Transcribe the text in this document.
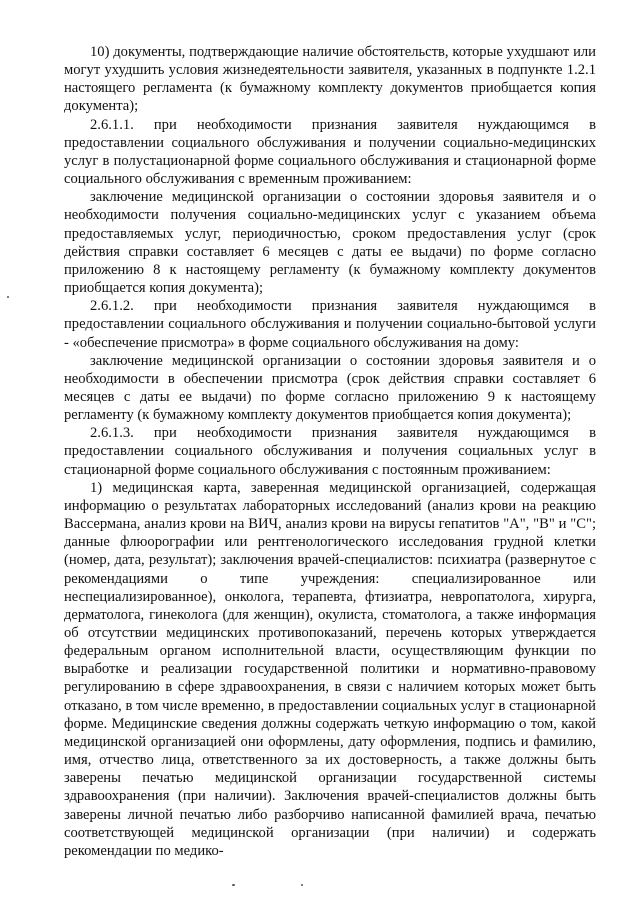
10) документы, подтверждающие наличие обстоятельств, которые ухудшают или могут ухудшить условия жизнедеятельности заявителя, указанных в подпункте 1.2.1 настоящего регламента (к бумажному комплекту документов приобщается копия документа);

2.6.1.1. при необходимости признания заявителя нуждающимся в предоставлении социального обслуживания и получении социально-медицинских услуг в полустационарной форме социального обслуживания и стационарной форме социального обслуживания с временным проживанием:

заключение медицинской организации о состоянии здоровья заявителя и о необходимости получения социально-медицинских услуг с указанием объема предоставляемых услуг, периодичностью, сроком предоставления услуг (срок действия справки составляет 6 месяцев с даты ее выдачи) по форме согласно приложению 8 к настоящему регламенту (к бумажному комплекту документов приобщается копия документа);

2.6.1.2. при необходимости признания заявителя нуждающимся в предоставлении социального обслуживания и получении социально-бытовой услуги - «обеспечение присмотра» в форме социального обслуживания на дому:

заключение медицинской организации о состоянии здоровья заявителя и о необходимости в обеспечении присмотра (срок действия справки составляет 6 месяцев с даты ее выдачи) по форме согласно приложению 9 к настоящему регламенту (к бумажному комплекту документов приобщается копия документа);

2.6.1.3. при необходимости признания заявителя нуждающимся в предоставлении социального обслуживания и получения социальных услуг в стационарной форме социального обслуживания с постоянным проживанием:

1) медицинская карта, заверенная медицинской организацией, содержащая информацию о результатах лабораторных исследований (анализ крови на реакцию Вассермана, анализ крови на ВИЧ, анализ крови на вирусы гепатитов "А", "В" и "С"; данные флюорографии или рентгенологического исследования грудной клетки (номер, дата, результат); заключения врачей-специалистов: психиатра (развернутое с рекомендациями о типе учреждения: специализированное или неспециализированное), онколога, терапевта, фтизиатра, невропатолога, хирурга, дерматолога, гинеколога (для женщин), окулиста, стоматолога, а также информация об отсутствии медицинских противопоказаний, перечень которых утверждается федеральным органом исполнительной власти, осуществляющим функции по выработке и реализации государственной политики и нормативно-правовому регулированию в сфере здравоохранения, в связи с наличием которых может быть отказано, в том числе временно, в предоставлении социальных услуг в стационарной форме. Медицинские сведения должны содержать четкую информацию о том, какой медицинской организацией они оформлены, дату оформления, подпись и фамилию, имя, отчество лица, ответственного за их достоверность, а также должны быть заверены печатью медицинской организации государственной системы здравоохранения (при наличии). Заключения врачей-специалистов должны быть заверены личной печатью либо разборчиво написанной фамилией врача, печатью соответствующей медицинской организации (при наличии) и содержать рекомендации по медико-
